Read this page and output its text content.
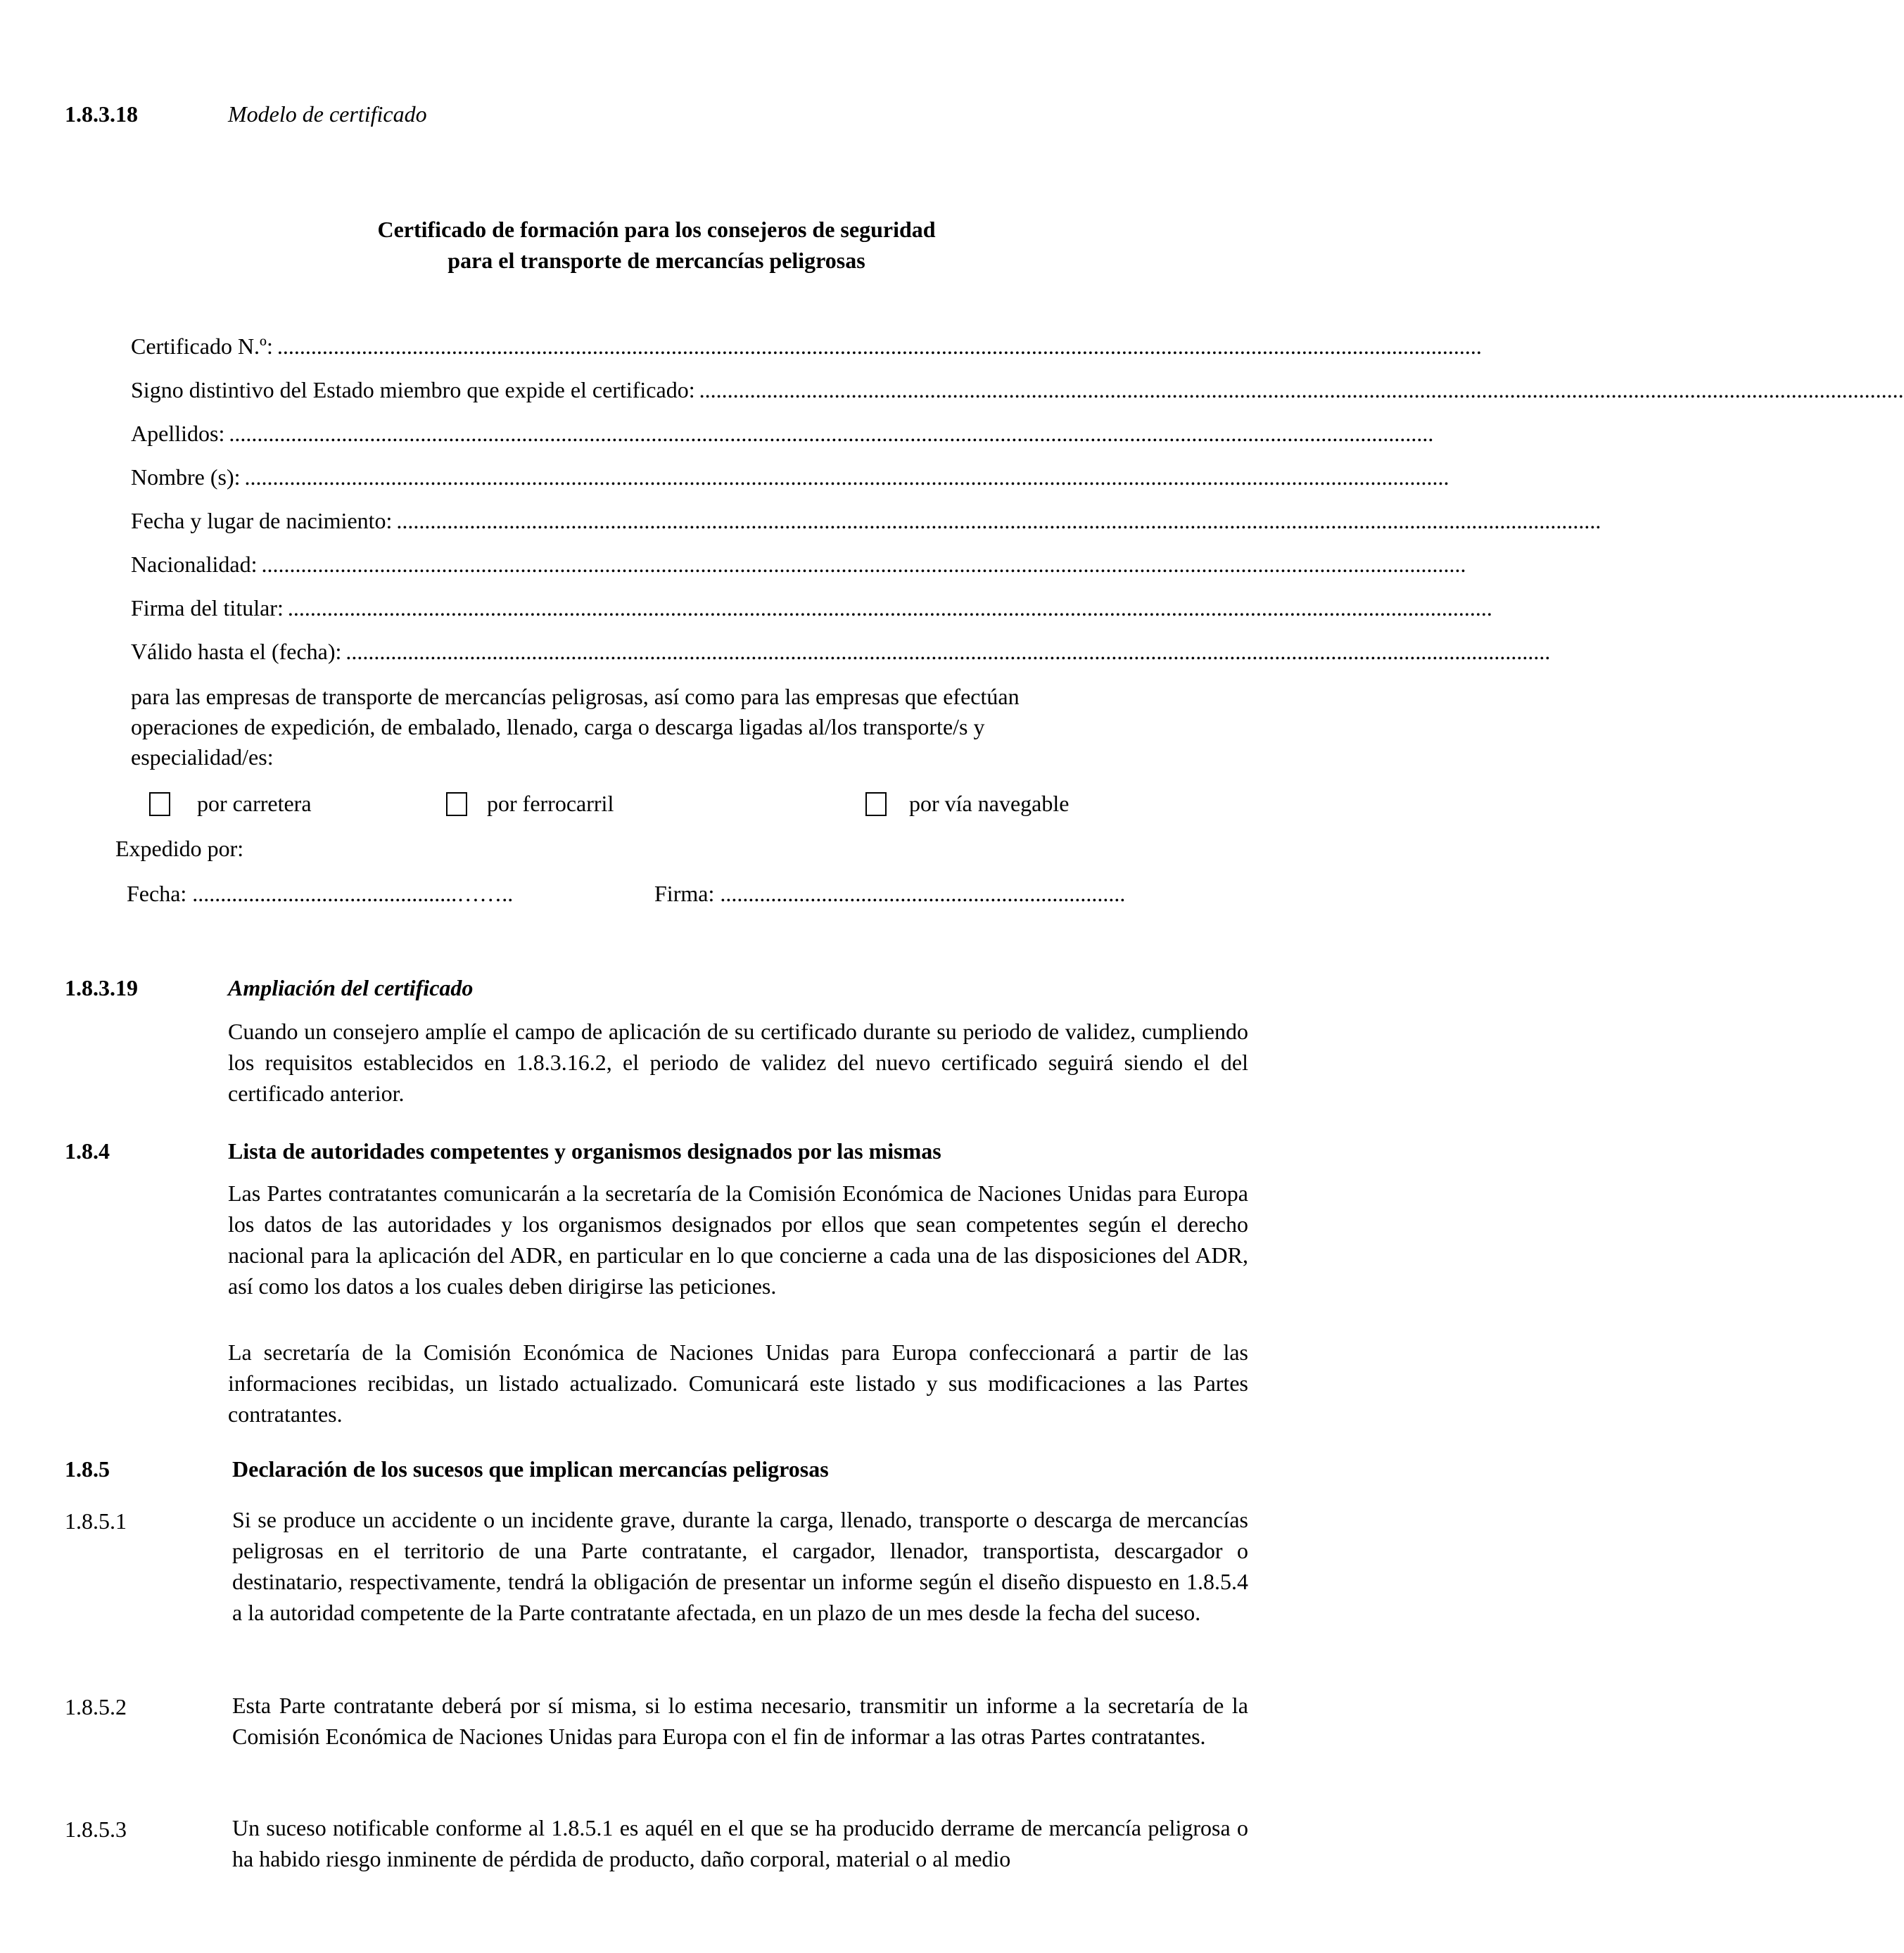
1.8.3.18	Modelo de certificado
Certificado de formación para los consejeros de seguridad
para el transporte de mercancías peligrosas
Certificado N.º: ......................................................................................................................................................................................................................
Signo distintivo del Estado miembro que expide el certificado: ......................................................................................................................................................................................................................
Apellidos: ......................................................................................................................................................................................................................
Nombre (s): ......................................................................................................................................................................................................................
Fecha y lugar de nacimiento: ......................................................................................................................................................................................................................
Nacionalidad: ......................................................................................................................................................................................................................
Firma del titular: ......................................................................................................................................................................................................................
Válido hasta el (fecha): ......................................................................................................................................................................................................................
para las empresas de transporte de mercancías peligrosas, así como para las empresas que efectúan
operaciones de expedición, de embalado, llenado, carga o descarga ligadas al/los transporte/s y
especialidad/es:
por carretera	por ferrocarril	por vía navegable
Expedido por:
Fecha: ...............................................……..	Firma: ........................................................................
1.8.3.19	Ampliación del certificado
Cuando un consejero amplíe el campo de aplicación de su certificado durante su periodo de validez, cumpliendo los requisitos establecidos en 1.8.3.16.2, el periodo de validez del nuevo certificado seguirá siendo el del certificado anterior.
1.8.4	Lista de autoridades competentes y organismos designados por las mismas
Las Partes contratantes comunicarán a la secretaría de la Comisión Económica de Naciones Unidas para Europa los datos de las autoridades y los organismos designados por ellos que sean competentes según el derecho nacional para la aplicación del ADR, en particular en lo que concierne a cada una de las disposiciones del ADR, así como los datos a los cuales deben dirigirse las peticiones.
La secretaría de la Comisión Económica de Naciones Unidas para Europa confeccionará a partir de las informaciones recibidas, un listado actualizado. Comunicará este listado y sus modificaciones a las Partes contratantes.
1.8.5	Declaración de los sucesos que implican mercancías peligrosas
1.8.5.1	Si se produce un accidente o un incidente grave, durante la carga, llenado, transporte o descarga de mercancías peligrosas en el territorio de una Parte contratante, el cargador, llenador, transportista, descargador o destinatario, respectivamente, tendrá la obligación de presentar un informe según el diseño dispuesto en 1.8.5.4 a la autoridad competente de la Parte contratante afectada, en un plazo de un mes desde la fecha del suceso.
1.8.5.2	Esta Parte contratante deberá por sí misma, si lo estima necesario, transmitir un informe a la secretaría de la Comisión Económica de Naciones Unidas para Europa con el fin de informar a las otras Partes contratantes.
1.8.5.3	Un suceso notificable conforme al 1.8.5.1 es aquél en el que se ha producido derrame de mercancía peligrosa o ha habido riesgo inminente de pérdida de producto, daño corporal, material o al medio
